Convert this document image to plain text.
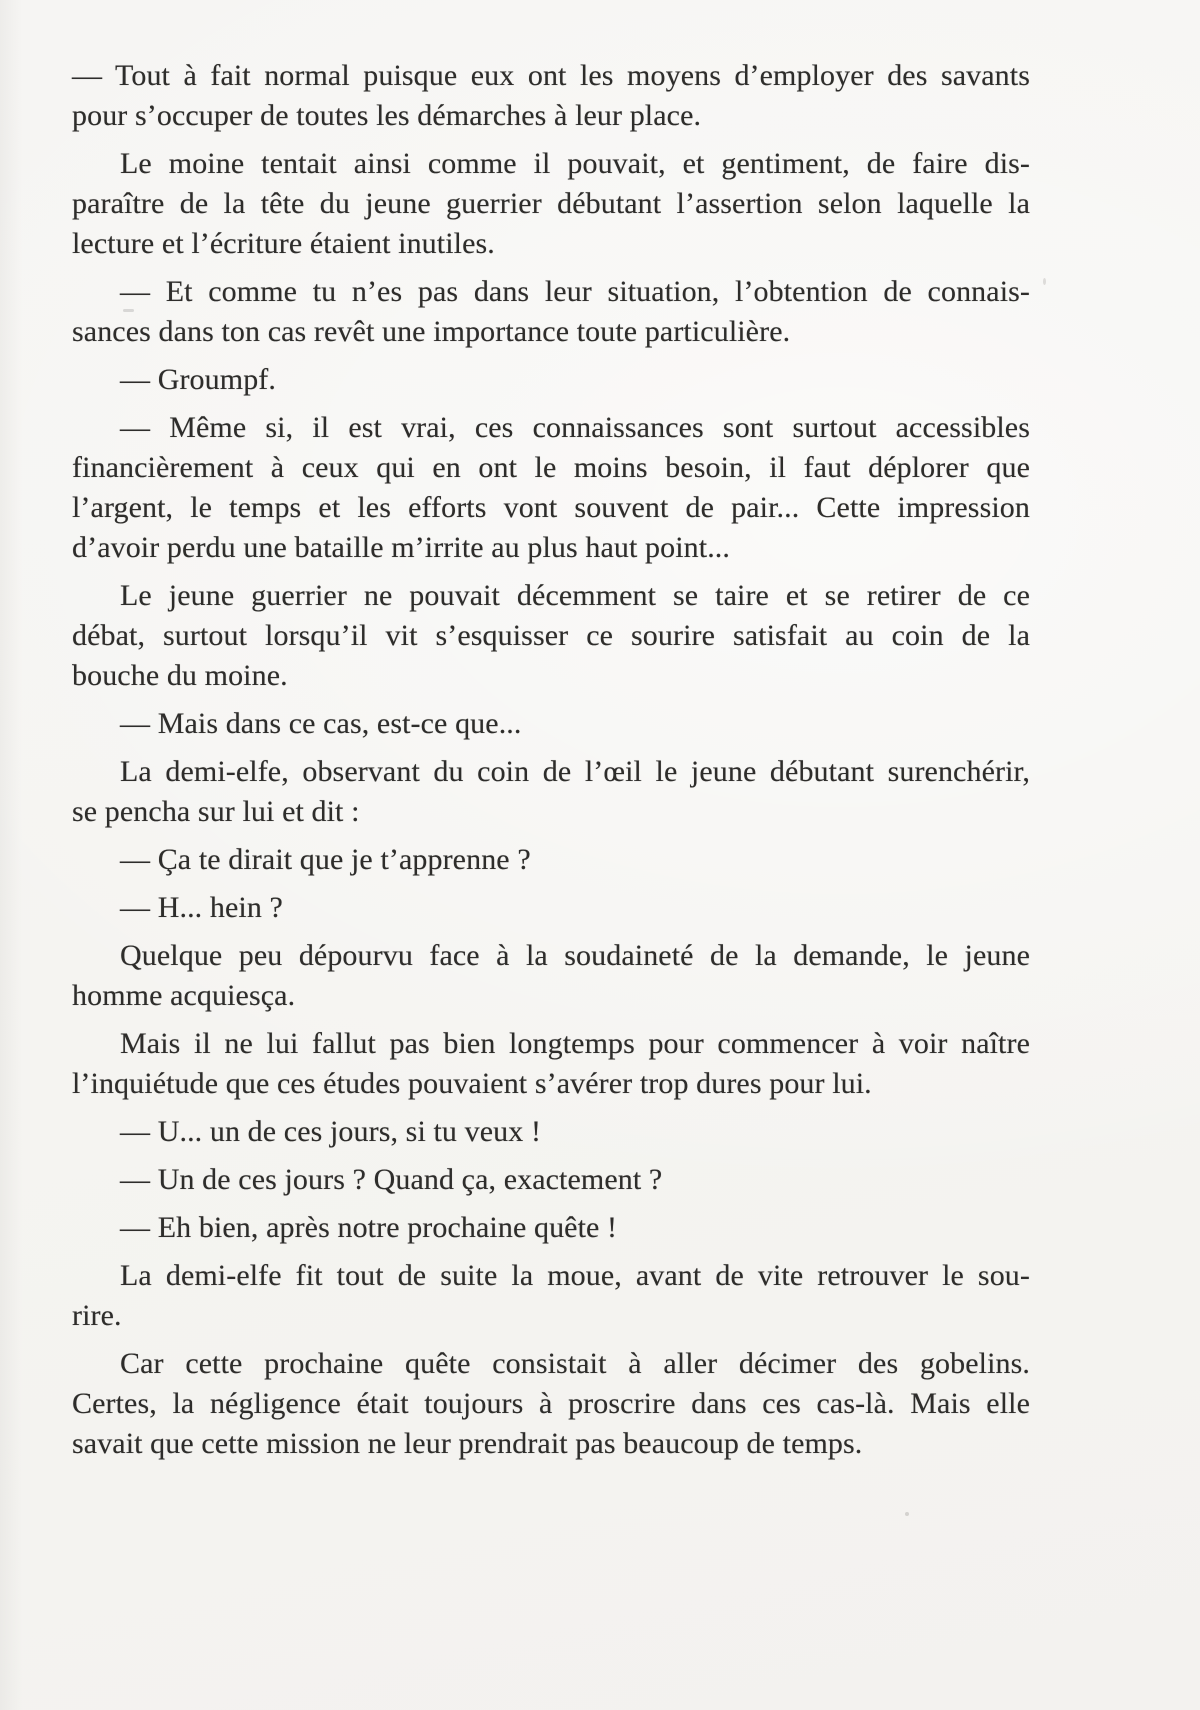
— Tout à fait normal puisque eux ont les moyens d’employer des savants
pour s’occuper de toutes les démarches à leur place.

Le moine tentait ainsi comme il pouvait, et gentiment, de faire dis-
paraître de la tête du jeune guerrier débutant l’assertion selon laquelle la
lecture et l’écriture étaient inutiles.

— Et comme tu n’es pas dans leur situation, l’obtention de connais-
sances dans ton cas revêt une importance toute particulière.

— Groumpf.

— Même si, il est vrai, ces connaissances sont surtout accessibles
financièrement à ceux qui en ont le moins besoin, il faut déplorer que
l’argent, le temps et les efforts vont souvent de pair... Cette impression
d’avoir perdu une bataille m’irrite au plus haut point...

Le jeune guerrier ne pouvait décemment se taire et se retirer de ce
débat, surtout lorsqu’il vit s’esquisser ce sourire satisfait au coin de la
bouche du moine.

— Mais dans ce cas, est-ce que...

La demi-elfe, observant du coin de l’œil le jeune débutant surenchérir,
se pencha sur lui et dit :

— Ça te dirait que je t’apprenne ?

— H... hein ?

Quelque peu dépourvu face à la soudaineté de la demande, le jeune
homme acquiesça.

Mais il ne lui fallut pas bien longtemps pour commencer à voir naître
l’inquiétude que ces études pouvaient s’avérer trop dures pour lui.

— U... un de ces jours, si tu veux !

— Un de ces jours ? Quand ça, exactement ?

— Eh bien, après notre prochaine quête !

La demi-elfe fit tout de suite la moue, avant de vite retrouver le sou-
rire.

Car cette prochaine quête consistait à aller décimer des gobelins.
Certes, la négligence était toujours à proscrire dans ces cas-là. Mais elle
savait que cette mission ne leur prendrait pas beaucoup de temps.
